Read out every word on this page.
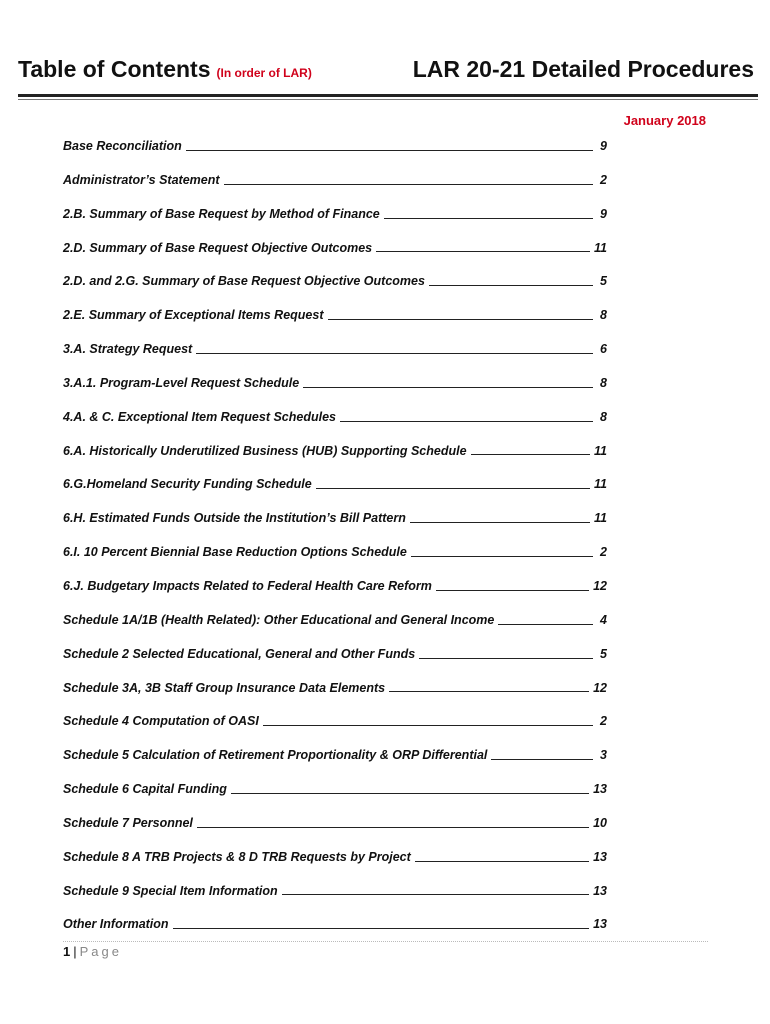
Table of Contents (In order of LAR)	LAR 20-21 Detailed Procedures
January 2018
Base Reconciliation	9
Administrator’s Statement	2
2.B. Summary of Base Request by Method of Finance	9
2.D. Summary of Base Request Objective Outcomes	11
2.D. and 2.G. Summary of Base Request Objective Outcomes	5
2.E. Summary of Exceptional Items Request	8
3.A. Strategy Request	6
3.A.1. Program-Level Request Schedule	8
4.A. & C. Exceptional Item Request Schedules	8
6.A. Historically Underutilized Business (HUB) Supporting Schedule	11
6.G.Homeland Security Funding Schedule	11
6.H. Estimated Funds Outside the Institution’s Bill Pattern	11
6.I. 10 Percent Biennial Base Reduction Options Schedule	2
6.J. Budgetary Impacts Related to Federal Health Care Reform	12
Schedule 1A/1B (Health Related): Other Educational and General Income	4
Schedule 2 Selected Educational, General and Other Funds	5
Schedule 3A, 3B Staff Group Insurance Data Elements	12
Schedule 4 Computation of OASI	2
Schedule 5 Calculation of Retirement Proportionality & ORP Differential	3
Schedule 6 Capital Funding	13
Schedule 7 Personnel	10
Schedule 8 A TRB Projects & 8 D TRB Requests by Project	13
Schedule 9 Special Item Information	13
Other Information	13
1 | Page
